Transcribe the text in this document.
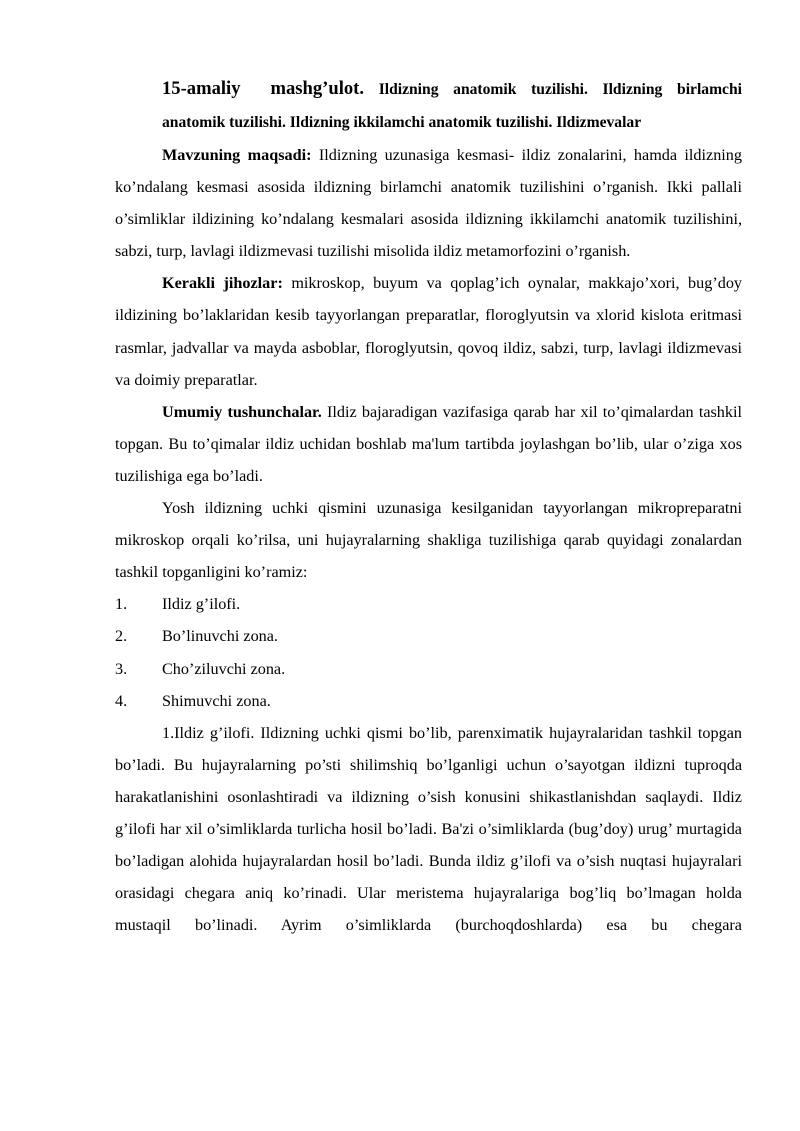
15-amaliy mashg’ulot. Ildizning anatomik tuzilishi. Ildizning birlamchi anatomik tuzilishi. Ildizning ikkilamchi anatomik tuzilishi. Ildizmevalar

Mavzuning maqsadi: Ildizning uzunasiga kesmasi- ildiz zonalarini, hamda ildizning ko’ndalang kesmasi asosida ildizning birlamchi anatomik tuzilishini o’rganish. Ikki pallali o’simliklar ildizining ko’ndalang kesmalari asosida ildizning ikkilamchi anatomik tuzilishini, sabzi, turp, lavlagi ildizmevasi tuzilishi misolida ildiz metamorfozini o’rganish.

Kerakli jihozlar: mikroskop, buyum va qoplag’ich oynalar, makkajo’xori, bug’doy ildizining bo’laklaridan kesib tayyorlangan preparatlar, floroglyutsin va xlorid kislota eritmasi rasmlar, jadvallar va mayda asboblar, floroglyutsin, qovoq ildiz, sabzi, turp, lavlagi ildizmevasi va doimiy preparatlar.

Umumiy tushunchalar. Ildiz bajaradigan vazifasiga qarab har xil to’qimalardan tashkil topgan. Bu to’qimalar ildiz uchidan boshlab ma'lum tartibda joylashgan bo’lib, ular o’ziga xos tuzilishiga ega bo’ladi.

Yosh ildizning uchki qismini uzunasiga kesilganidan tayyorlangan mikropreparatni mikroskop orqali ko’rilsa, uni hujayralarning shakliga tuzilishiga qarab quyidagi zonalardan tashkil topganligini ko’ramiz:

1.	Ildiz g’ilofi.
2.	Bo’linuvchi zona.
3.	Cho’ziluvchi zona.
4.	Shimuvchi zona.

1.Ildiz g’ilofi. Ildizning uchki qismi bo’lib, parenximatik hujayralaridan tashkil topgan bo’ladi. Bu hujayralarning po’sti shilimshiq bo’lganligi uchun o’sayotgan ildizni tuproqda harakatlanishini osonlashtiradi va ildizning o’sish konusini shikastlanishdan saqlaydi. Ildiz g’ilofi har xil o’simliklarda turlicha hosil bo’ladi. Ba'zi o’simliklarda (bug’doy) urug’ murtagida bo’ladigan alohida hujayralardan hosil bo’ladi. Bunda ildiz g’ilofi va o’sish nuqtasi hujayralari orasidagi chegara aniq ko’rinadi. Ular meristema hujayralariga bog’liq bo’lmagan holda mustaqil bo’linadi. Ayrim o’simliklarda (burchoqdoshlarda) esa bu chegara
